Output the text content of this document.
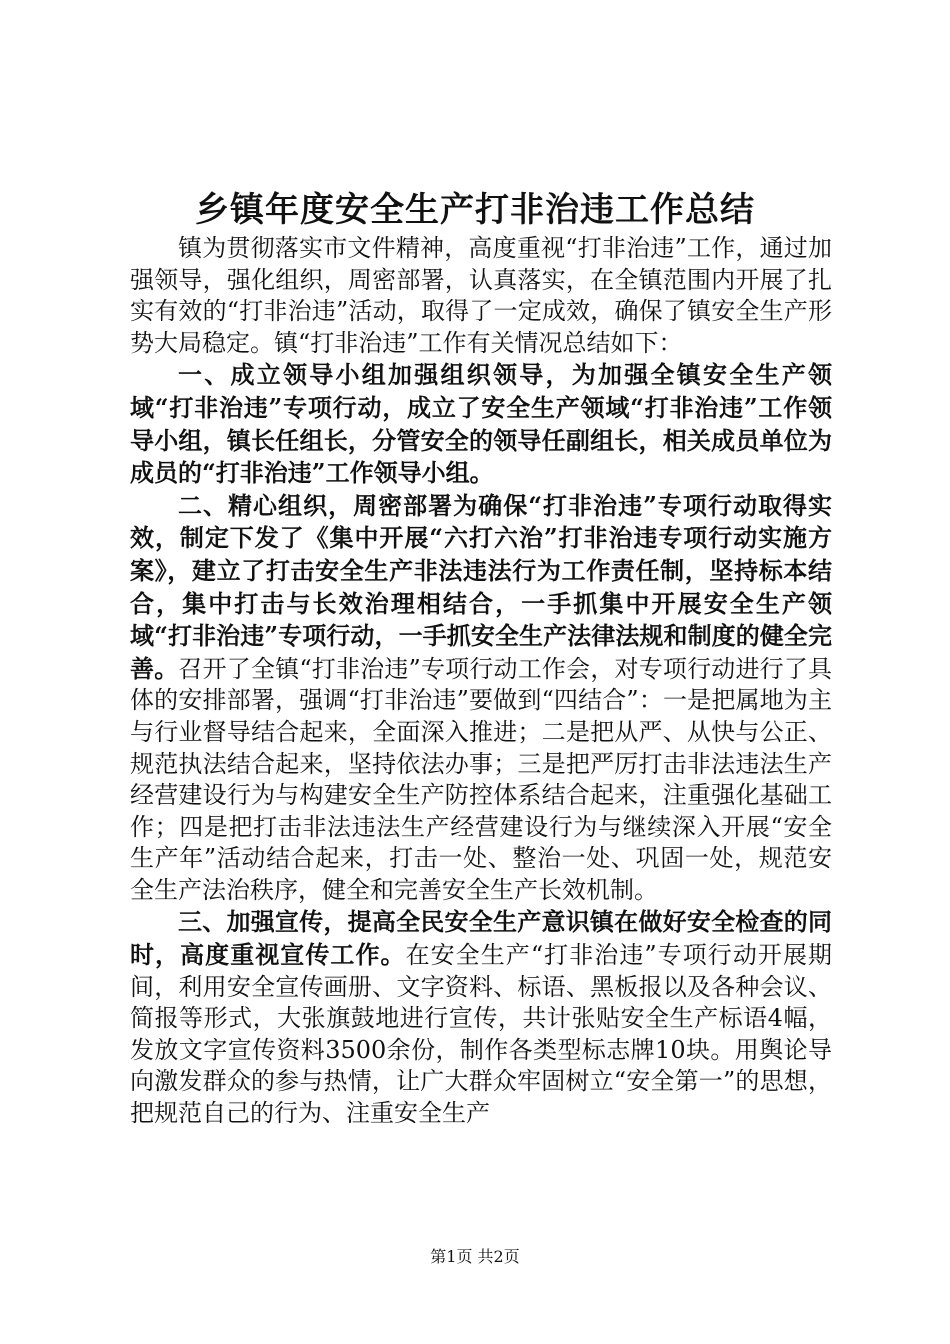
乡镇年度安全生产打非治违工作总结

镇为贯彻落实市文件精神，高度重视“打非治违”工作，通过加强领导，强化组织，周密部署，认真落实，在全镇范围内开展了扎实有效的“打非治违”活动，取得了一定成效，确保了镇安全生产形势大局稳定。镇“打非治违”工作有关情况总结如下：

一、成立领导小组加强组织领导，为加强全镇安全生产领域“打非治违”专项行动，成立了安全生产领域“打非治违”工作领导小组，镇长任组长，分管安全的领导任副组长，相关成员单位为成员的“打非治违”工作领导小组。

二、精心组织，周密部署为确保“打非治违”专项行动取得实效，制定下发了《集中开展“六打六治”打非治违专项行动实施方案》，建立了打击安全生产非法违法行为工作责任制，坚持标本结合，集中打击与长效治理相结合，一手抓集中开展安全生产领域“打非治违”专项行动，一手抓安全生产法律法规和制度的健全完善。召开了全镇“打非治违”专项行动工作会，对专项行动进行了具体的安排部署，强调“打非治违”要做到“四结合”：一是把属地为主与行业督导结合起来，全面深入推进；二是把从严、从快与公正、规范执法结合起来，坚持依法办事；三是把严厉打击非法违法生产经营建设行为与构建安全生产防控体系结合起来，注重强化基础工作；四是把打击非法违法生产经营建设行为与继续深入开展“安全生产年”活动结合起来，打击一处、整治一处、巩固一处，规范安全生产法治秩序，健全和完善安全生产长效机制。

三、加强宣传，提高全民安全生产意识镇在做好安全检查的同时，高度重视宣传工作。在安全生产“打非治违”专项行动开展期间，利用安全宣传画册、文字资料、标语、黑板报以及各种会议、简报等形式，大张旗鼓地进行宣传，共计张贴安全生产标语4幅，发放文字宣传资料3500余份，制作各类型标志牌10块。用舆论导向激发群众的参与热情，让广大群众牢固树立“安全第一”的思想，把规范自己的行为、注重安全生产

第1页 共2页
